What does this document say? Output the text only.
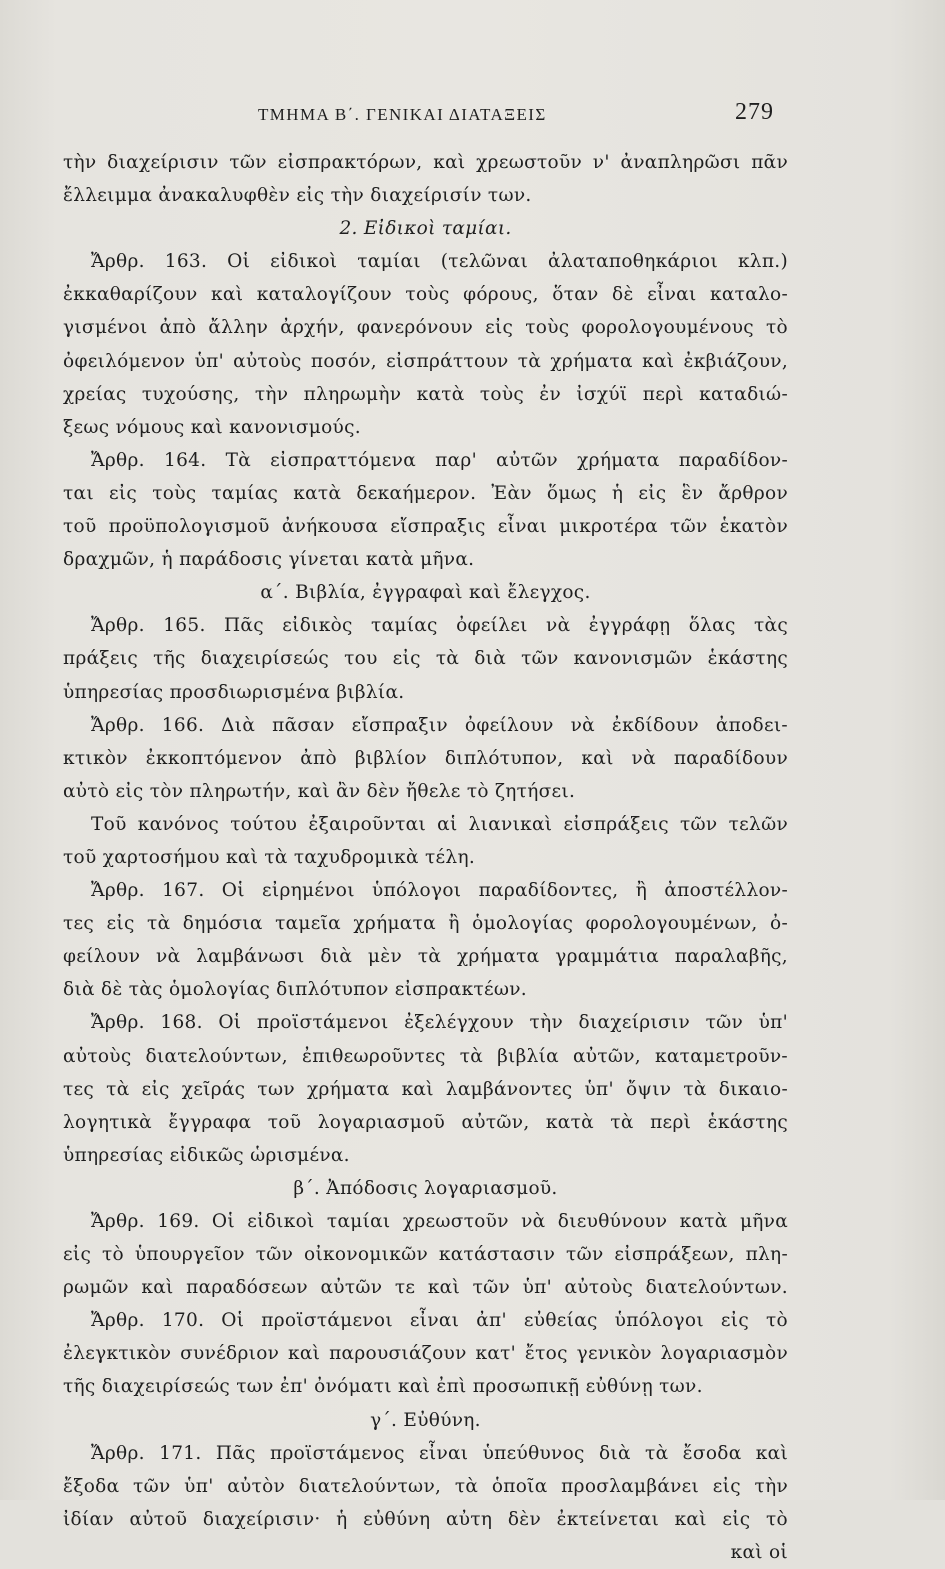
ΤΜΗΜΑ Β΄. ΓΕΝΙΚΑΙ ΔΙΑΤΑΞΕΙΣ	279
τὴν διαχείρισιν τῶν εἰσπρακτόρων, καὶ χρεωστοῦν ν' ἀναπληρῶσι πᾶν
ἔλλειμμα ἀνακαλυφθὲν εἰς τὴν διαχείρισίν των.
2. Εἰδικοὶ ταμίαι.
Ἄρθρ. 163. Οἱ εἰδικοὶ ταμίαι (τελῶναι ἀλαταποθηκάριοι κλπ.)
ἐκκαθαρίζουν καὶ καταλογίζουν τοὺς φόρους, ὅταν δὲ εἶναι καταλο-
γισμένοι ἀπὸ ἄλλην ἀρχήν, φανερόνουν εἰς τοὺς φορολογουμένους τὸ
ὀφειλόμενον ὑπ' αὐτοὺς ποσόν, εἰσπράττουν τὰ χρήματα καὶ ἐκβιάζουν,
χρείας τυχούσης, τὴν πληρωμὴν κατὰ τοὺς ἐν ἰσχύϊ περὶ καταδιώ-
ξεως νόμους καὶ κανονισμούς.
Ἄρθρ. 164. Τὰ εἰσπραττόμενα παρ' αὐτῶν χρήματα παραδίδον-
ται εἰς τοὺς ταμίας κατὰ δεκαήμερον. Ἐὰν ὅμως ἡ εἰς ἓν ἄρθρον
τοῦ προϋπολογισμοῦ ἀνήκουσα εἴσπραξις εἶναι μικροτέρα τῶν ἑκατὸν
δραχμῶν, ἡ παράδοσις γίνεται κατὰ μῆνα.
α΄. Βιβλία, ἐγγραφαὶ καὶ ἔλεγχος.
Ἄρθρ. 165. Πᾶς εἰδικὸς ταμίας ὀφείλει νὰ ἐγγράφῃ ὅλας τὰς
πράξεις τῆς διαχειρίσεώς του εἰς τὰ διὰ τῶν κανονισμῶν ἑκάστης
ὑπηρεσίας προσδιωρισμένα βιβλία.
Ἄρθρ. 166. Διὰ πᾶσαν εἴσπραξιν ὀφείλουν νὰ ἐκδίδουν ἀποδει-
κτικὸν ἐκκοπτόμενον ἀπὸ βιβλίον διπλότυπον, καὶ νὰ παραδίδουν
αὐτὸ εἰς τὸν πληρωτήν, καὶ ἂν δὲν ἤθελε τὸ ζητήσει.
Τοῦ κανόνος τούτου ἐξαιροῦνται αἱ λιανικαὶ εἰσπράξεις τῶν τελῶν
τοῦ χαρτοσήμου καὶ τὰ ταχυδρομικὰ τέλη.
Ἄρθρ. 167. Οἱ εἰρημένοι ὑπόλογοι παραδίδοντες, ἢ ἀποστέλλον-
τες εἰς τὰ δημόσια ταμεῖα χρήματα ἢ ὁμολογίας φορολογουμένων, ὀ-
φείλουν νὰ λαμβάνωσι διὰ μὲν τὰ χρήματα γραμμάτια παραλαβῆς,
διὰ δὲ τὰς ὁμολογίας διπλότυπον εἰσπρακτέων.
Ἄρθρ. 168. Οἱ προϊστάμενοι ἐξελέγχουν τὴν διαχείρισιν τῶν ὑπ'
αὐτοὺς διατελούντων, ἐπιθεωροῦντες τὰ βιβλία αὐτῶν, καταμετροῦν-
τες τὰ εἰς χεῖράς των χρήματα καὶ λαμβάνοντες ὑπ' ὄψιν τὰ δικαιο-
λογητικὰ ἔγγραφα τοῦ λογαριασμοῦ αὐτῶν, κατὰ τὰ περὶ ἑκάστης
ὑπηρεσίας εἰδικῶς ὡρισμένα.
β΄. Ἀπόδοσις λογαριασμοῦ.
Ἄρθρ. 169. Οἱ εἰδικοὶ ταμίαι χρεωστοῦν νὰ διευθύνουν κατὰ μῆνα
εἰς τὸ ὑπουργεῖον τῶν οἰκονομικῶν κατάστασιν τῶν εἰσπράξεων, πλη-
ρωμῶν καὶ παραδόσεων αὐτῶν τε καὶ τῶν ὑπ' αὐτοὺς διατελούντων.
Ἄρθρ. 170. Οἱ προϊστάμενοι εἶναι ἀπ' εὐθείας ὑπόλογοι εἰς τὸ
ἐλεγκτικὸν συνέδριον καὶ παρουσιάζουν κατ' ἔτος γενικὸν λογαριασμὸν
τῆς διαχειρίσεώς των ἐπ' ὀνόματι καὶ ἐπὶ προσωπικῇ εὐθύνῃ των.
γ΄. Εὐθύνη.
Ἄρθρ. 171. Πᾶς προϊστάμενος εἶναι ὑπεύθυνος διὰ τὰ ἔσοδα καὶ
ἔξοδα τῶν ὑπ' αὐτὸν διατελούντων, τὰ ὁποῖα προσλαμβάνει εἰς τὴν
ἰδίαν αὐτοῦ διαχείρισιν· ἡ εὐθύνη αὐτη δὲν ἐκτείνεται καὶ εἰς τὸ
καὶ οἱ
